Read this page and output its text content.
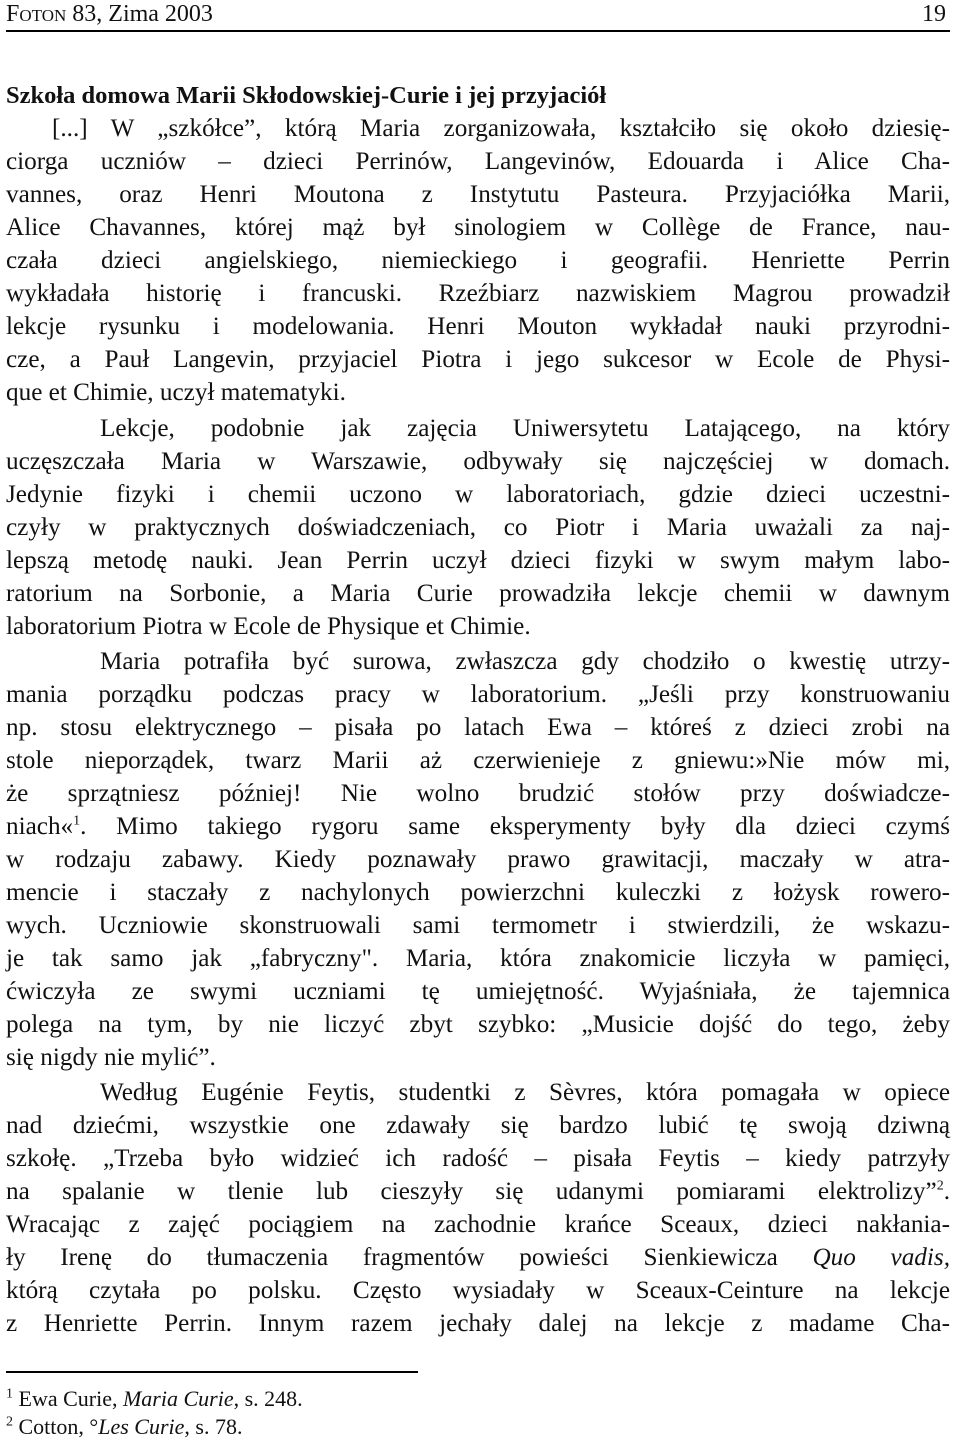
FOTON 83, Zima 2003	19
Szkoła domowa Marii Skłodowskiej-Curie i jej przyjaciół
[...] W „szkółce”, którą Maria zorganizowała, kształciło się około dziesię-
ciorga uczniów – dzieci Perrinów, Langevinów, Edouarda i Alice Cha-
vannes, oraz Henri Moutona z Instytutu Pasteura. Przyjaciółka Marii,
Alice Chavannes, której mąż był sinologiem w Collège de France, nau-
czała dzieci angielskiego, niemieckiego i geografii. Henriette Perrin
wykładała historię i francuski. Rzeźbiarz nazwiskiem Magrou prowadził
lekcje rysunku i modelowania. Henri Mouton wykładał nauki przyrodni-
cze, a Pauł Langevin, przyjaciel Piotra i jego sukcesor w Ecole de Physi-
que et Chimie, uczył matematyki.
Lekcje, podobnie jak zajęcia Uniwersytetu Latającego, na który
uczęszczała Maria w Warszawie, odbywały się najczęściej w domach.
Jedynie fizyki i chemii uczono w laboratoriach, gdzie dzieci uczestni-
czyły w praktycznych doświadczeniach, co Piotr i Maria uważali za naj-
lepszą metodę nauki. Jean Perrin uczył dzieci fizyki w swym małym labo-
ratorium na Sorbonie, a Maria Curie prowadziła lekcje chemii w dawnym
laboratorium Piotra w Ecole de Physique et Chimie.
Maria potrafiła być surowa, zwłaszcza gdy chodziło o kwestię utrzy-
mania porządku podczas pracy w laboratorium. „Jeśli przy konstruowaniu
np. stosu elektrycznego – pisała po latach Ewa – któreś z dzieci zrobi na
stole nieporządek, twarz Marii aż czerwienieje z gniewu:»Nie mów mi,
że sprzątniesz później! Nie wolno brudzić stołów przy doświadcze-
niach«$^1$. Mimo takiego rygoru same eksperymenty były dla dzieci czymś
w rodzaju zabawy. Kiedy poznawały prawo grawitacji, maczały w atra-
mencie i staczały z nachylonych powierzchni kuleczki z łożysk rowero-
wych. Uczniowie skonstruowali sami termometr i stwierdzili, że wskazu-
je tak samo jak „fabryczny". Maria, która znakomicie liczyła w pamięci,
ćwiczyła ze swymi uczniami tę umiejętność. Wyjaśniała, że tajemnica
polega na tym, by nie liczyć zbyt szybko: „Musicie dojść do tego, żeby
się nigdy nie mylić”.
Według Eugénie Feytis, studentki z Sèvres, która pomagała w opiece
nad dziećmi, wszystkie one zdawały się bardzo lubić tę swoją dziwną
szkołę. „Trzeba było widzieć ich radość – pisała Feytis – kiedy patrzyły
na spalanie w tlenie lub cieszyły się udanymi pomiarami elektrolizy”$^2$.
Wracając z zajęć pociągiem na zachodnie krańce Sceaux, dzieci nakłania-
ły Irenę do tłumaczenia fragmentów powieści Sienkiewicza Quo vadis,
którą czytała po polsku. Często wysiadały w Sceaux-Ceinture na lekcje
z Henriette Perrin. Innym razem jechały dalej na lekcje z madame Cha-
$^1$ Ewa Curie, Maria Curie, s. 248.
$^2$ Cotton, °Les Curie, s. 78.
